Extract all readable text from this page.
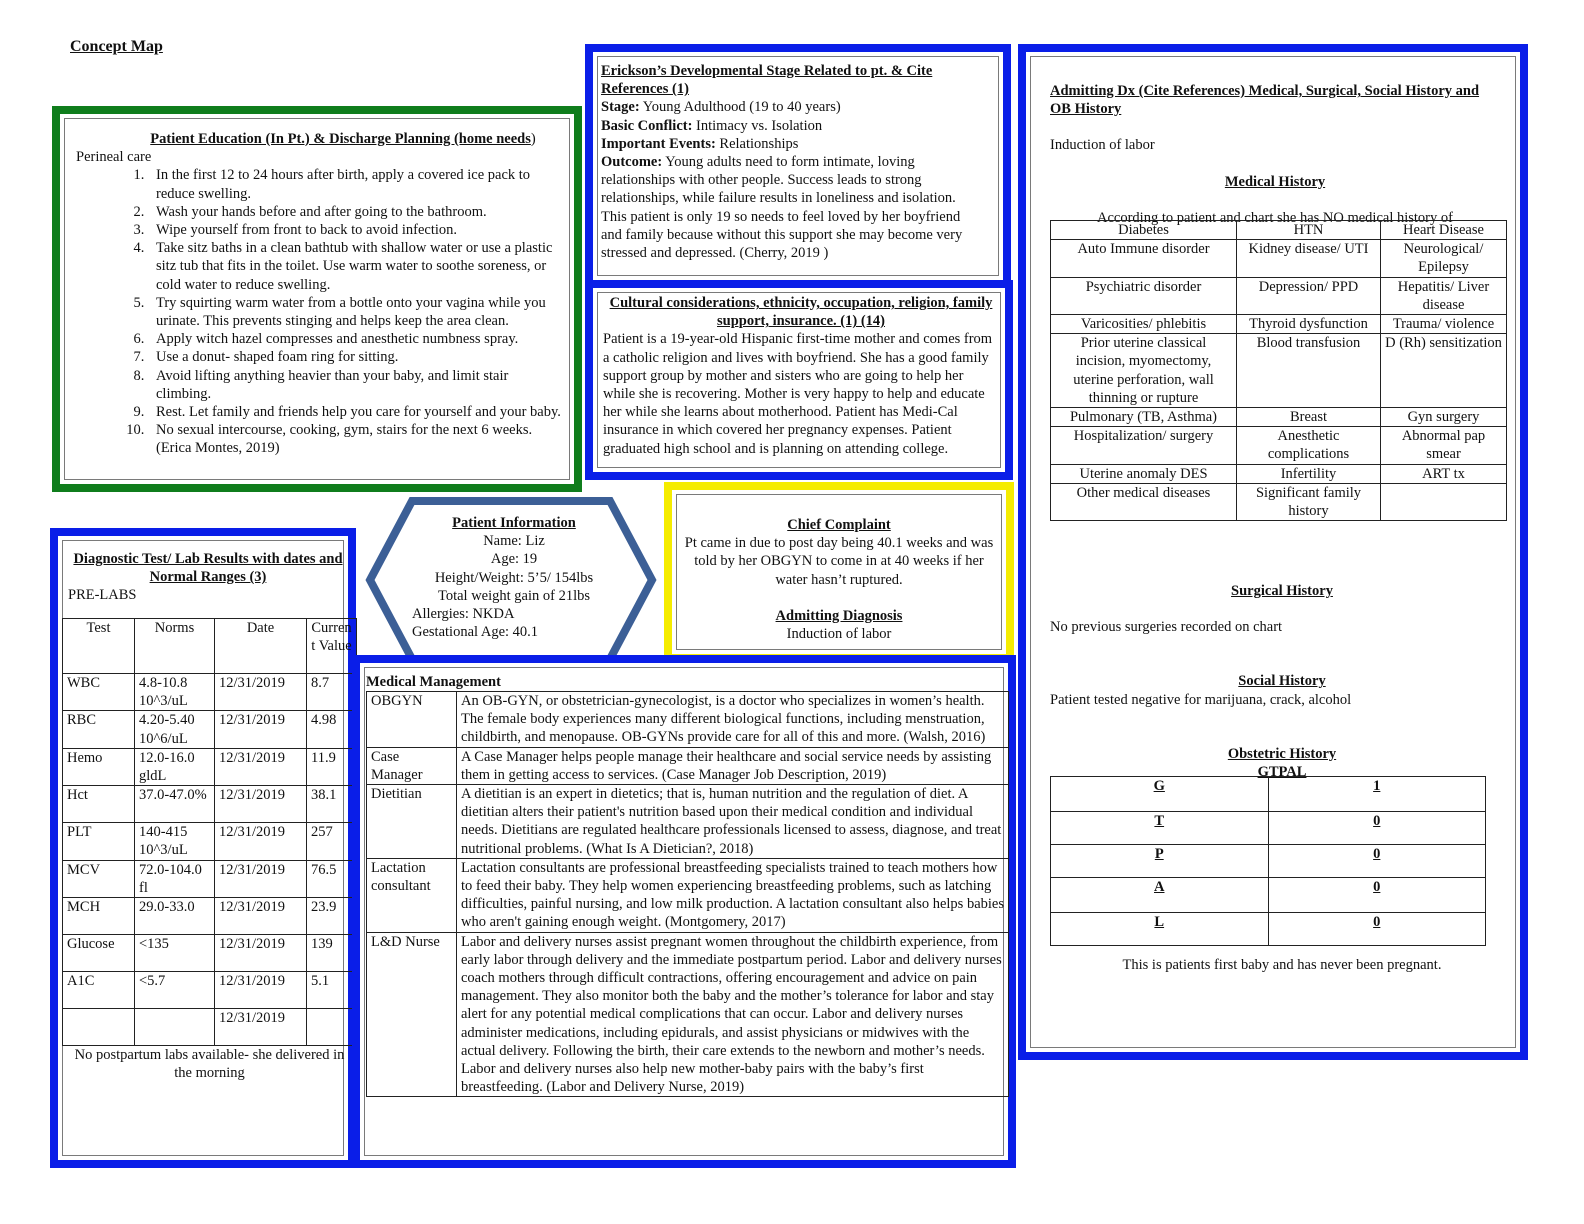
Concept Map
Patient Education (In Pt.) & Discharge Planning (home needs)
Perineal care
1. In the first 12 to 24 hours after birth, apply a covered ice pack to reduce swelling.
2. Wash your hands before and after going to the bathroom.
3. Wipe yourself from front to back to avoid infection.
4. Take sitz baths in a clean bathtub with shallow water or use a plastic sitz tub that fits in the toilet. Use warm water to soothe soreness, or cold water to reduce swelling.
5. Try squirting warm water from a bottle onto your vagina while you urinate. This prevents stinging and helps keep the area clean.
6. Apply witch hazel compresses and anesthetic numbness spray.
7. Use a donut- shaped foam ring for sitting.
8. Avoid lifting anything heavier than your baby, and limit stair climbing.
9. Rest. Let family and friends help you care for yourself and your baby.
10. No sexual intercourse, cooking, gym, stairs for the next 6 weeks. (Erica Montes, 2019)
Erickson’s Developmental Stage Related to pt. & Cite References (1)
Stage: Young Adulthood (19 to 40 years)
Basic Conflict: Intimacy vs. Isolation
Important Events: Relationships
Outcome: Young adults need to form intimate, loving relationships with other people. Success leads to strong relationships, while failure results in loneliness and isolation. This patient is only 19 so needs to feel loved by her boyfriend and family because without this support she may become very stressed and depressed. (Cherry, 2019 )
Cultural considerations, ethnicity, occupation, religion, family support, insurance. (1) (14)
Patient is a 19-year-old Hispanic first-time mother and comes from a catholic religion and lives with boyfriend. She has a good family support group by mother and sisters who are going to help her while she is recovering. Mother is very happy to help and educate her while she learns about motherhood. Patient has Medi-Cal insurance in which covered her pregnancy expenses. Patient graduated high school and is planning on attending college.
Admitting Dx (Cite References) Medical, Surgical, Social History and OB History
Induction of labor
Medical History
According to patient and chart she has NO medical history of
Diabetes	HTN	Heart Disease
Auto Immune disorder	Kidney disease/ UTI	Neurological/ Epilepsy
Psychiatric disorder	Depression/ PPD	Hepatitis/ Liver disease
Varicosities/ phlebitis	Thyroid dysfunction	Trauma/ violence
Prior uterine classical incision, myomectomy, uterine perforation, wall thinning or rupture	Blood transfusion	D (Rh) sensitization
Pulmonary (TB, Asthma)	Breast	Gyn surgery
Hospitalization/ surgery	Anesthetic complications	Abnormal pap smear
Uterine anomaly DES	Infertility	ART tx
Other medical diseases	Significant family history	
Surgical History
No previous surgeries recorded on chart
Social History
Patient tested negative for marijuana, crack, alcohol
Obstetric History
GTPAL
G	1
T	0
P	0
A	0
L	0
This is patients first baby and has never been pregnant.
Diagnostic Test/ Lab Results with dates and Normal Ranges (3)
PRE-LABS
Test	Norms	Date	Current Value
WBC	4.8-10.8 10^3/uL	12/31/2019	8.7
RBC	4.20-5.40 10^6/uL	12/31/2019	4.98
Hemo	12.0-16.0 gldL	12/31/2019	11.9
Hct	37.0-47.0%	12/31/2019	38.1
PLT	140-415 10^3/uL	12/31/2019	257
MCV	72.0-104.0 fl	12/31/2019	76.5
MCH	29.0-33.0	12/31/2019	23.9
Glucose	<135	12/31/2019	139
A1C	<5.7	12/31/2019	5.1
		12/31/2019	
No postpartum labs available- she delivered in the morning			
Patient Information
Name: Liz
Age: 19
Height/Weight: 5’5/ 154lbs
Total weight gain of 21lbs
Allergies: NKDA
Gestational Age: 40.1
Chief Complaint
Pt came in due to post day being 40.1 weeks and was told by her OBGYN to come in at 40 weeks if her water hasn’t ruptured.
Admitting Diagnosis
Induction of labor
Medical Management
OBGYN	An OB-GYN, or obstetrician-gynecologist, is a doctor who specializes in women’s health. The female body experiences many different biological functions, including menstruation, childbirth, and menopause. OB-GYNs provide care for all of this and more. (Walsh, 2016)
Case Manager	A Case Manager helps people manage their healthcare and social service needs by assisting them in getting access to services. (Case Manager Job Description, 2019)
Dietitian	A dietitian is an expert in dietetics; that is, human nutrition and the regulation of diet. A dietitian alters their patient's nutrition based upon their medical condition and individual needs. Dietitians are regulated healthcare professionals licensed to assess, diagnose, and treat nutritional problems. (What Is A Dietician?, 2018)
Lactation consultant	Lactation consultants are professional breastfeeding specialists trained to teach mothers how to feed their baby. They help women experiencing breastfeeding problems, such as latching difficulties, painful nursing, and low milk production. A lactation consultant also helps babies who aren't gaining enough weight. (Montgomery, 2017)
L&D Nurse	Labor and delivery nurses assist pregnant women throughout the childbirth experience, from early labor through delivery and the immediate postpartum period. Labor and delivery nurses coach mothers through difficult contractions, offering encouragement and advice on pain management. They also monitor both the baby and the mother’s tolerance for labor and stay alert for any potential medical complications that can occur. Labor and delivery nurses administer medications, including epidurals, and assist physicians or midwives with the actual delivery. Following the birth, their care extends to the newborn and mother’s needs. Labor and delivery nurses also help new mother-baby pairs with the baby’s first breastfeeding. (Labor and Delivery Nurse, 2019)
